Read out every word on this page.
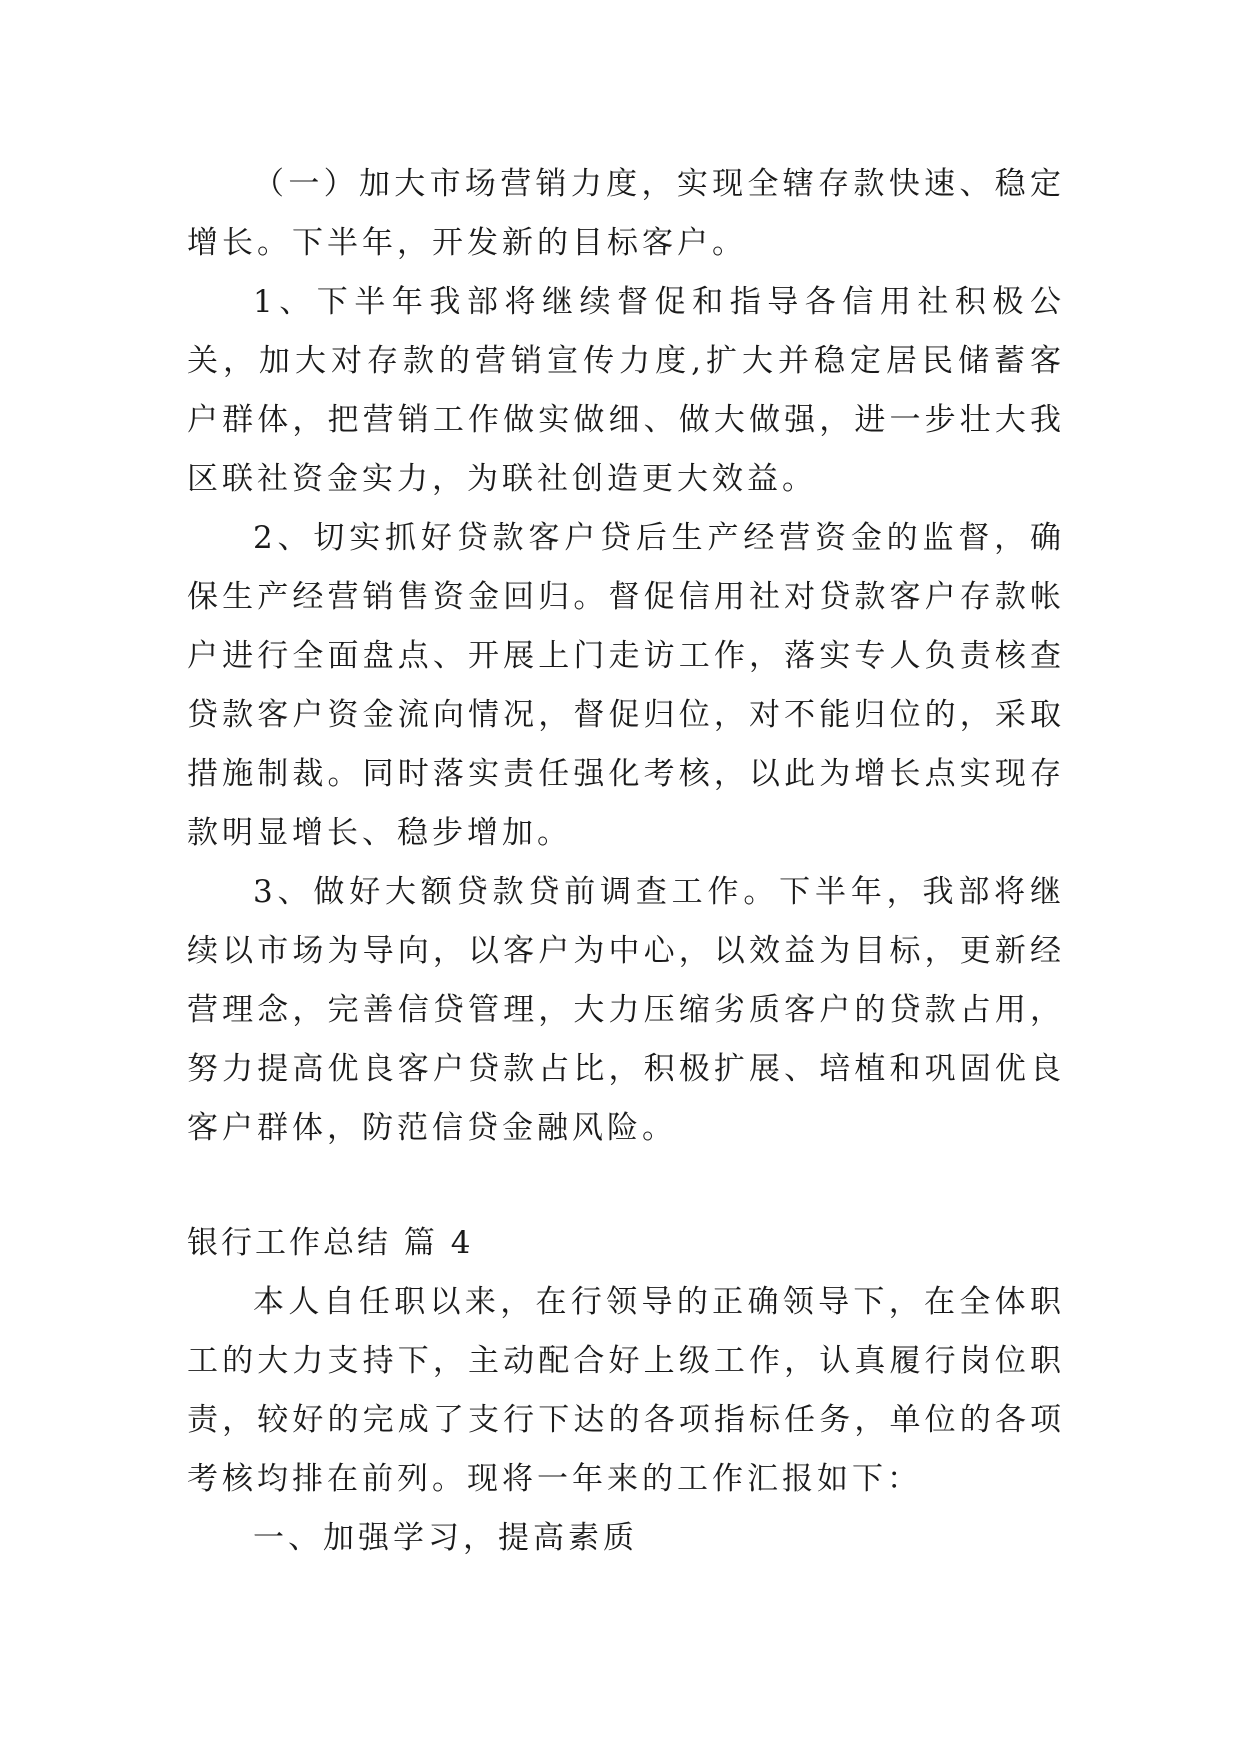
（一）加大市场营销力度，实现全辖存款快速、稳定增长。下半年，开发新的目标客户。

1、下半年我部将继续督促和指导各信用社积极公关，加大对存款的营销宣传力度,扩大并稳定居民储蓄客户群体，把营销工作做实做细、做大做强，进一步壮大我区联社资金实力，为联社创造更大效益。

2、切实抓好贷款客户贷后生产经营资金的监督，确保生产经营销售资金回归。督促信用社对贷款客户存款帐户进行全面盘点、开展上门走访工作，落实专人负责核查贷款客户资金流向情况，督促归位，对不能归位的，采取措施制裁。同时落实责任强化考核，以此为增长点实现存款明显增长、稳步增加。

3、做好大额贷款贷前调查工作。下半年，我部将继续以市场为导向，以客户为中心，以效益为目标，更新经营理念，完善信贷管理，大力压缩劣质客户的贷款占用，努力提高优良客户贷款占比，积极扩展、培植和巩固优良客户群体，防范信贷金融风险。

银行工作总结 篇 4

本人自任职以来，在行领导的正确领导下，在全体职工的大力支持下，主动配合好上级工作，认真履行岗位职责，较好的完成了支行下达的各项指标任务，单位的各项考核均排在前列。现将一年来的工作汇报如下：

一、加强学习，提高素质
